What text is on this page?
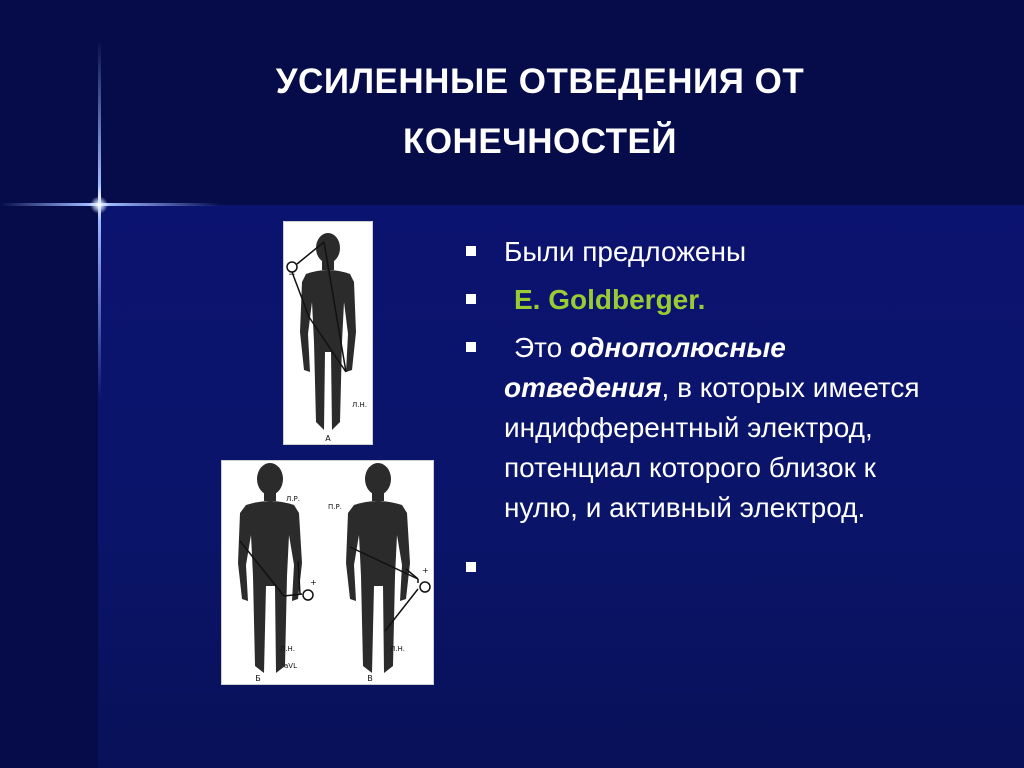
УСИЛЕННЫЕ ОТВЕДЕНИЯ ОТ
КОНЕЧНОСТЕЙ
−
Л.Н.
А
Л.Р.
П.Р.
+
+
Л.Н.	Л.Н.
aVL
Б	В
Были предложены
E. Goldberger.
Это однополюсные отведения, в которых имеется индифферентный электрод, потенциал которого близок к нулю, и активный электрод.
